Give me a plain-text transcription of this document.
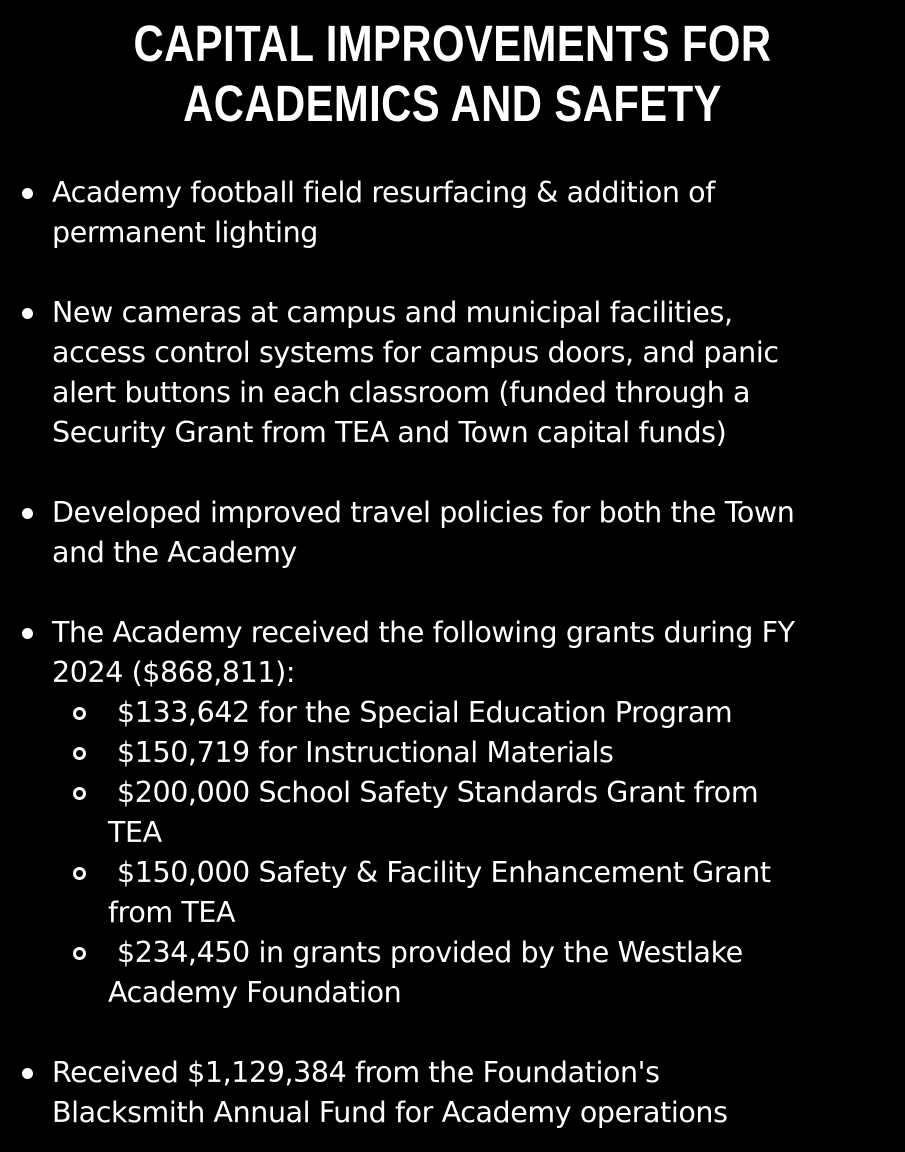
CAPITAL IMPROVEMENTS FOR
ACADEMICS AND SAFETY
Academy football field resurfacing & addition of
permanent lighting
New cameras at campus and municipal facilities,
access control systems for campus doors, and panic
alert buttons in each classroom (funded through a
Security Grant from TEA and Town capital funds)
Developed improved travel policies for both the Town
and the Academy
The Academy received the following grants during FY
2024 ($868,811):
$133,642 for the Special Education Program
$150,719 for Instructional Materials
$200,000 School Safety Standards Grant from
TEA
$150,000 Safety & Facility Enhancement Grant
from TEA
$234,450 in grants provided by the Westlake
Academy Foundation
Received $1,129,384 from the Foundation's
Blacksmith Annual Fund for Academy operations
